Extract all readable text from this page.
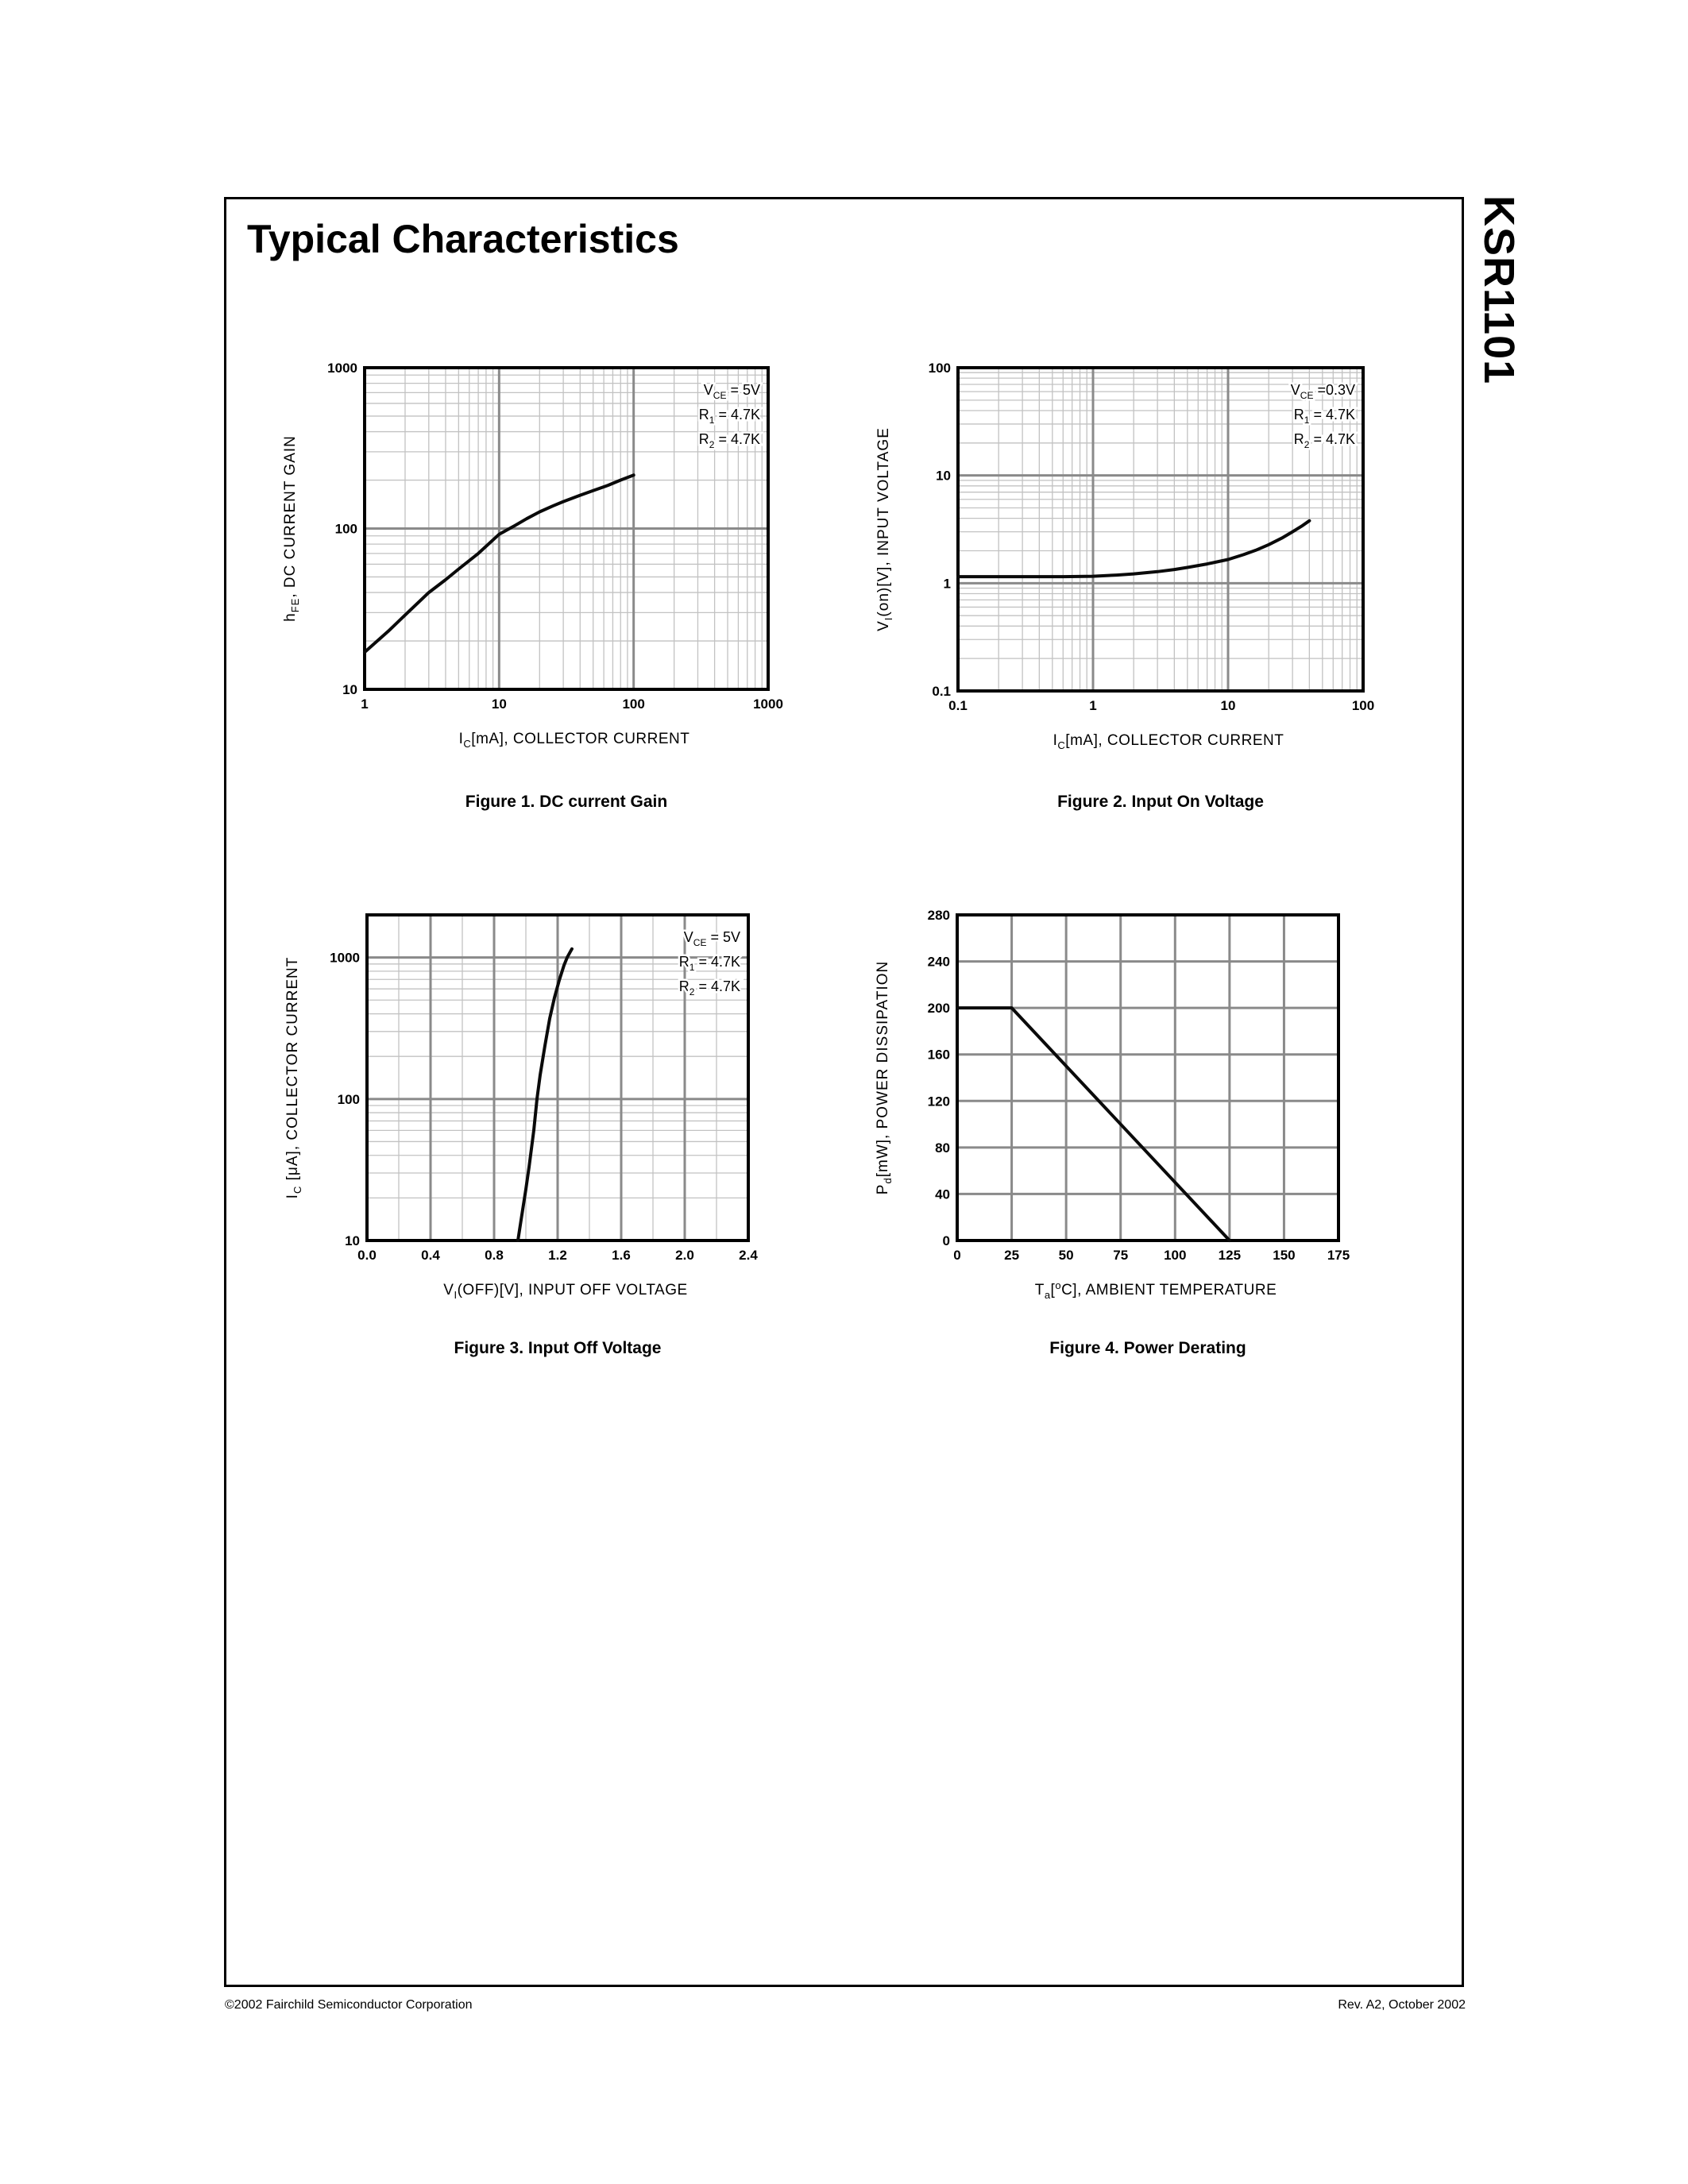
Typical Characteristics	KSR1101
1	10	100	1000
10
100
1000
$I_C[mA]$, COLLECTOR CURRENT
$h_{FE}$, DC CURRENT GAIN
$V_{CE} = 5V$
$R_1 = 4.7K$
$R_2 = 4.7K$
0.1	1	10	100
0.1
1
10
100
$I_C[mA]$, COLLECTOR CURRENT
$V_I(on)[V]$, INPUT VOLTAGE
$V_{CE} =0.3V$
$R_1 = 4.7K$
$R_2 = 4.7K$
0.0	0.4	0.8	1.2	1.6	2.0	2.4
10
100
1000
$V_I(OFF)[V]$, INPUT OFF VOLTAGE
$I_C$ [μA], COLLECTOR CURRENT
$V_{CE} = 5V$
$R_1 = 4.7K$
$R_2 = 4.7K$
0	25	50	75	100 125 150 175
0
40
80
120
160
200
240
280
$T_a[^oC]$, AMBIENT TEMPERATURE
$P_d[mW]$, POWER DISSIPATION
Figure 1. DC current Gain	Figure 2. Input On Voltage
Figure 3. Input Off Voltage	Figure 4. Power Derating
©2002 Fairchild Semiconductor Corporation	Rev. A2, October 2002
